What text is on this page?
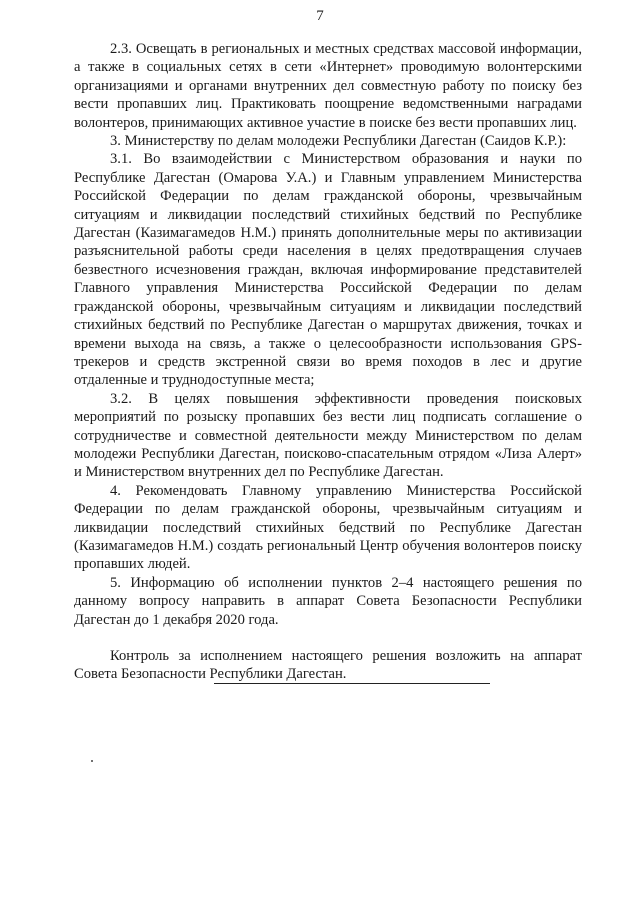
7

2.3. Освещать в региональных и местных средствах массовой информации, а также в социальных сетях в сети «Интернет» проводимую волонтерскими организациями и органами внутренних дел совместную работу по поиску без вести пропавших лиц. Практиковать поощрение ведомственными наградами волонтеров, принимающих активное участие в поиске без вести пропавших лиц.

3. Министерству по делам молодежи Республики Дагестан (Саидов К.Р.):

3.1. Во взаимодействии с Министерством образования и науки по Республике Дагестан (Омарова У.А.) и Главным управлением Министерства Российской Федерации по делам гражданской обороны, чрезвычайным ситуациям и ликвидации последствий стихийных бедствий по Республике Дагестан (Казимагамедов Н.М.) принять дополнительные меры по активизации разъяснительной работы среди населения в целях предотвращения случаев безвестного исчезновения граждан, включая информирование представителей Главного управления Министерства Российской Федерации по делам гражданской обороны, чрезвычайным ситуациям и ликвидации последствий стихийных бедствий по Республике Дагестан о маршрутах движения, точках и времени выхода на связь, а также о целесообразности использования GPS-трекеров и средств экстренной связи во время походов в лес и другие отдаленные и труднодоступные места;

3.2. В целях повышения эффективности проведения поисковых мероприятий по розыску пропавших без вести лиц подписать соглашение о сотрудничестве и совместной деятельности между Министерством по делам молодежи Республики Дагестан, поисково-спасательным отрядом «Лиза Алерт» и Министерством внутренних дел по Республике Дагестан.

4. Рекомендовать Главному управлению Министерства Российской Федерации по делам гражданской обороны, чрезвычайным ситуациям и ликвидации последствий стихийных бедствий по Республике Дагестан (Казимагамедов Н.М.) создать региональный Центр обучения волонтеров поиску пропавших людей.

5. Информацию об исполнении пунктов 2–4 настоящего решения по данному вопросу направить в аппарат Совета Безопасности Республики Дагестан до 1 декабря 2020 года.

Контроль за исполнением настоящего решения возложить на аппарат Совета Безопасности Республики Дагестан.
